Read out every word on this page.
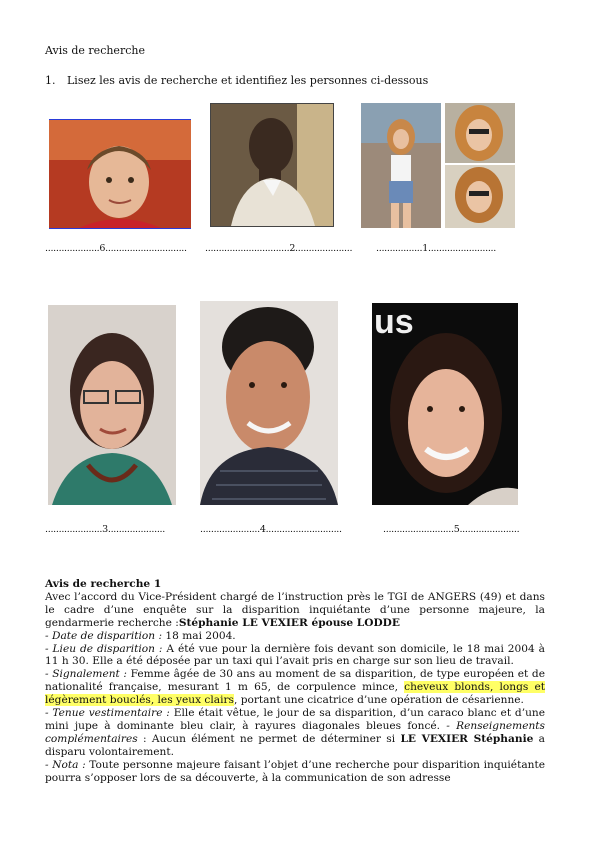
Avis de recherche
1. Lisez les avis de recherche et identifiez les personnes ci-dessous
....................6.............................. ...............................2.....................	.................1.........................
us
.....................3.....................	......................4............................	..........................5......................

Avis de recherche 1

Avec l’accord du Vice-Président chargé de l’instruction près le TGI de ANGERS (49) et dans le cadre d’une enquête sur la disparition inquiétante d’une personne majeure, la gendarmerie recherche :Stéphanie LE VEXIER épouse LODDE

- Date de disparition : 18 mai 2004.

- Lieu de disparition : A été vue pour la dernière fois devant son domicile, le 18 mai 2004 à 11 h 30. Elle a été déposée par un taxi qui l’avait pris en charge sur son lieu de travail.

- Signalement : Femme âgée de 30 ans au moment de sa disparition, de type européen et de nationalité française, mesurant 1 m 65, de corpulence mince, cheveux blonds, longs et légèrement bouclés, les yeux clairs, portant une cicatrice d’une opération de césarienne.

- Tenue vestimentaire : Elle était vêtue, le jour de sa disparition, d’un caraco blanc et d’une mini jupe à dominante bleu clair, à rayures diagonales bleues foncé. - Renseignements complémentaires : Aucun élément ne permet de déterminer si LE VEXIER Stéphanie a disparu volontairement.

- Nota : Toute personne majeure faisant l’objet d’une recherche pour disparition inquiétante pourra s’opposer lors de sa découverte, à la communication de son adresse
